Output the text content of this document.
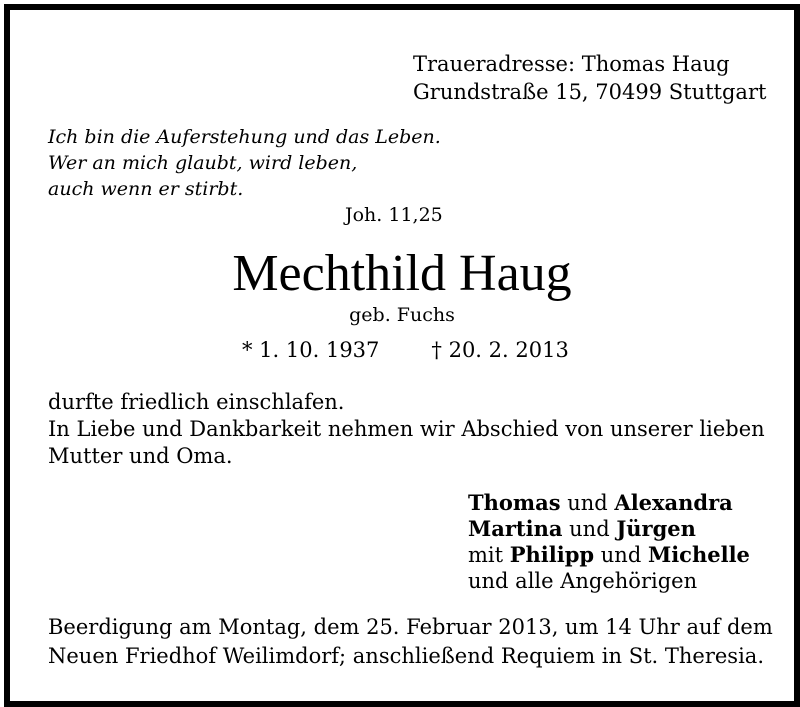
Traueradresse: Thomas Haug
Grundstraße 15, 70499 Stuttgart
Ich bin die Auferstehung und das Leben.
Wer an mich glaubt, wird leben,
auch wenn er stirbt.
Joh. 11,25
Mechthild Haug
geb. Fuchs
* 1. 10. 1937 † 20. 2. 2013
durfte friedlich einschlafen.
In Liebe und Dankbarkeit nehmen wir Abschied von unserer lieben
Mutter und Oma.
Thomas und Alexandra
Martina und Jürgen
mit Philipp und Michelle
und alle Angehörigen
Beerdigung am Montag, dem 25. Februar 2013, um 14 Uhr auf dem
Neuen Friedhof Weilimdorf; anschließend Requiem in St. Theresia.
